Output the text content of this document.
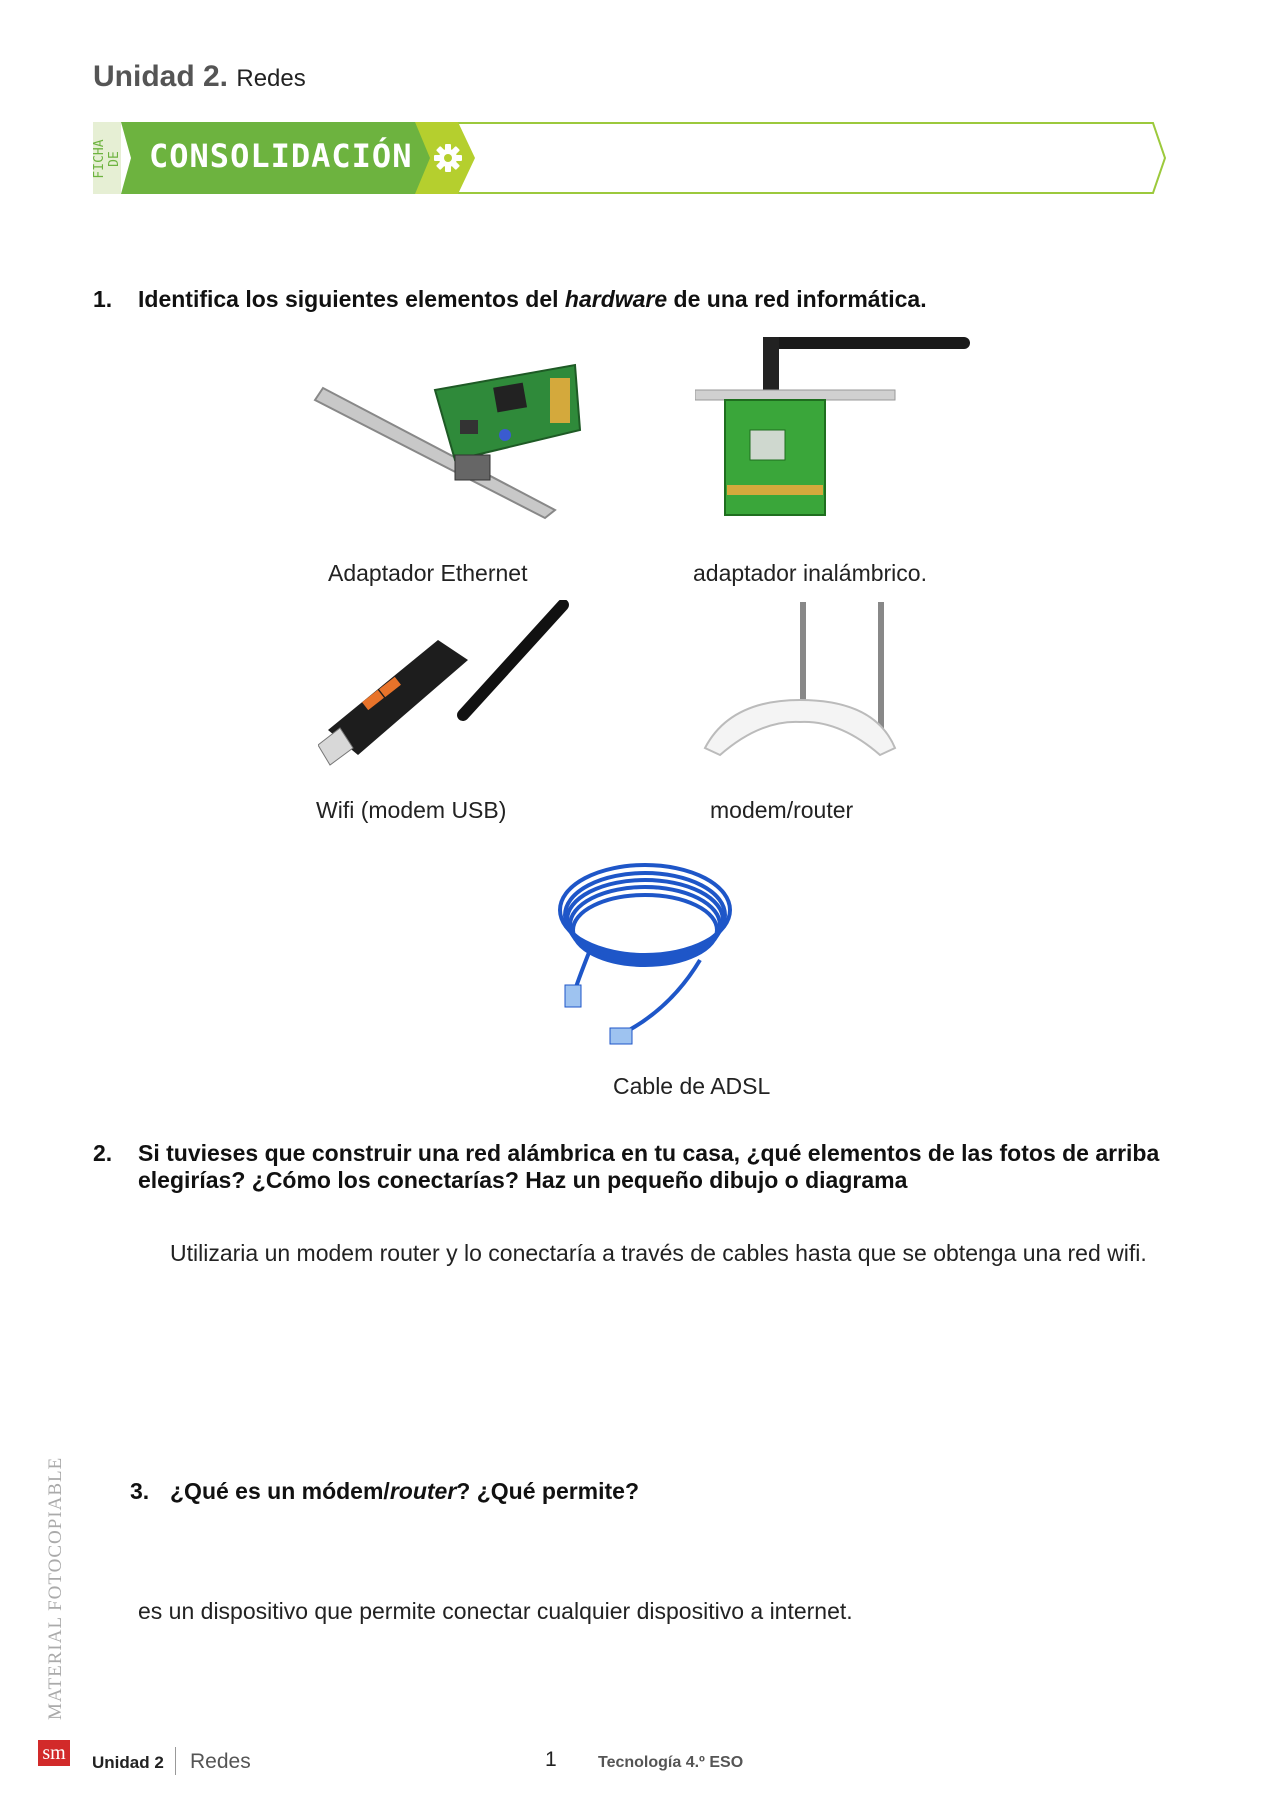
Unidad 2. Redes
FICHA DE CONSOLIDACIÓN
1. Identifica los siguientes elementos del hardware de una red informática.
Adaptador Ethernet	adaptador inalámbrico.
Wifi (modem USB)	modem/router
Cable de ADSL
2. Si tuvieses que construir una red alámbrica en tu casa, ¿qué elementos de las fotos de arriba
elegirías? ¿Cómo los conectarías? Haz un pequeño dibujo o diagrama
Utilizaria un modem router y lo conectaría a través de cables hasta que se obtenga una red wifi.
3. ¿Qué es un módem/router? ¿Qué permite?
es un dispositivo que permite conectar cualquier dispositivo a internet.
MATERIAL FOTOCOPIABLE
sm Unidad 2 Redes	1	Tecnología 4.º ESO
